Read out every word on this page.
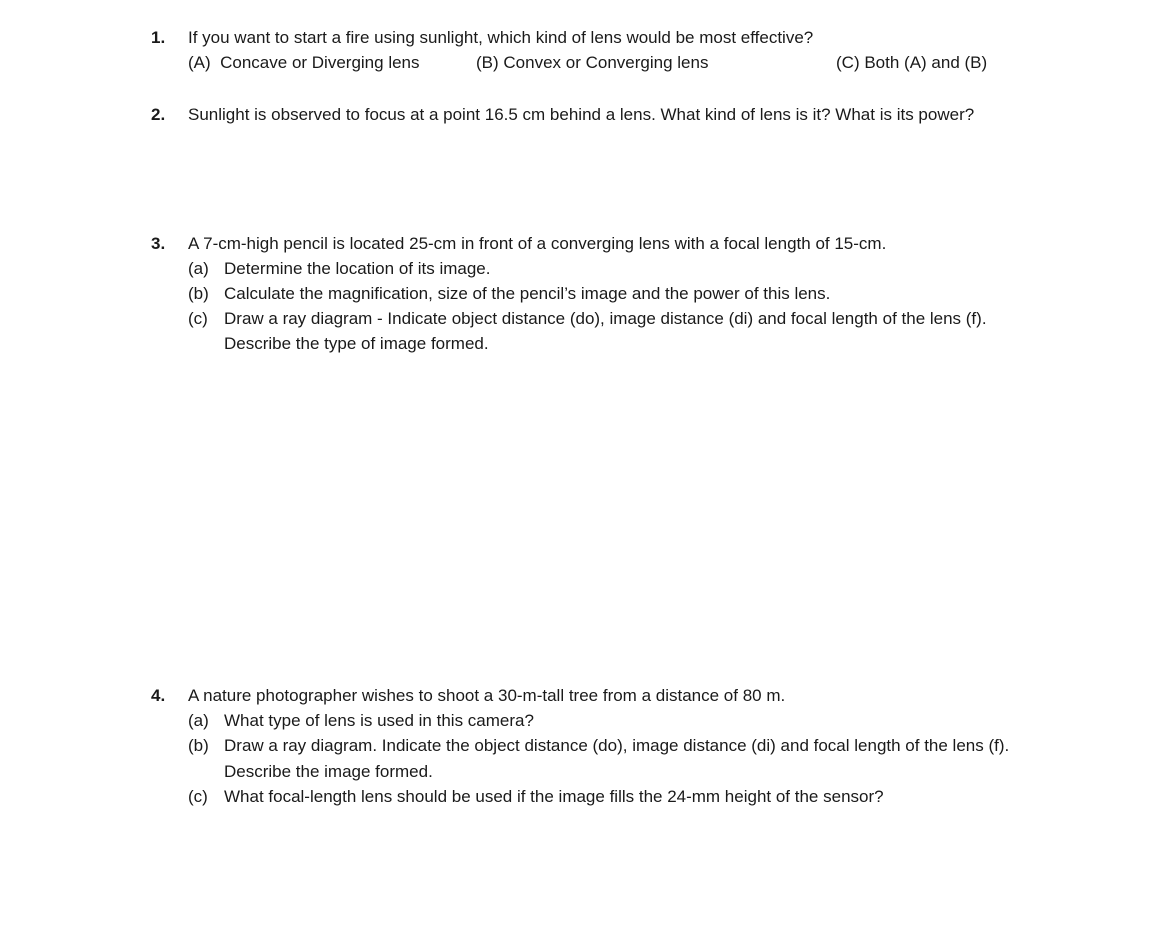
1. If you want to start a fire using sunlight, which kind of lens would be most effective?
(A) Concave or Diverging lens	(B) Convex or Converging lens	(C) Both (A) and (B)
2. Sunlight is observed to focus at a point 16.5 cm behind a lens. What kind of lens is it? What is its power?
3. A 7-cm-high pencil is located 25-cm in front of a converging lens with a focal length of 15-cm.
(a) Determine the location of its image.
(b) Calculate the magnification, size of the pencil’s image and the power of this lens.
(c) Draw a ray diagram - Indicate object distance (do), image distance (di) and focal length of the lens (f).
Describe the type of image formed.
4. A nature photographer wishes to shoot a 30-m-tall tree from a distance of 80 m.
(a) What type of lens is used in this camera?
(b) Draw a ray diagram. Indicate the object distance (do), image distance (di) and focal length of the lens (f).
Describe the image formed.
(c) What focal-length lens should be used if the image fills the 24-mm height of the sensor?
